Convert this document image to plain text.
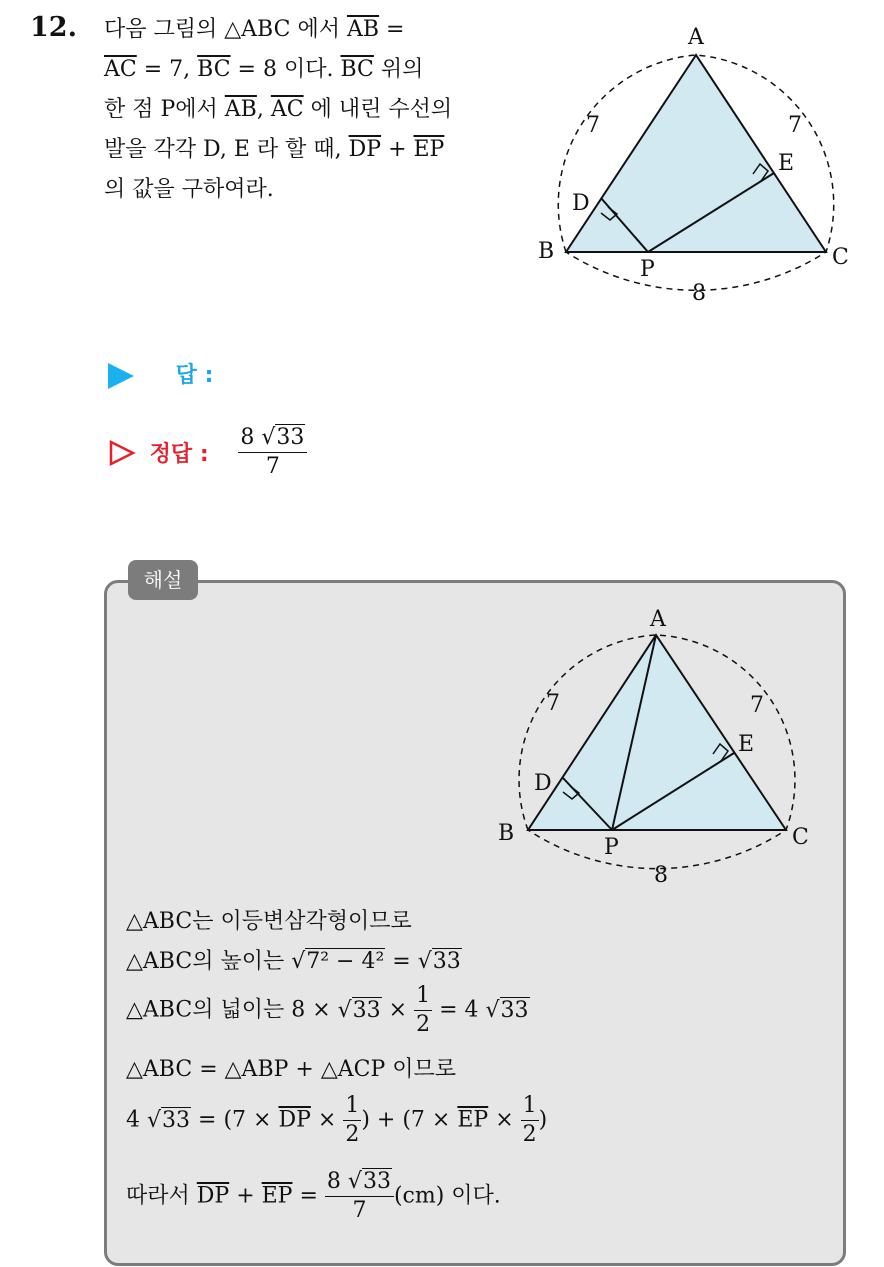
12. 다음 그림의 △ABC 에서 $\overline{AB}$ =
$\overline{AC} = 7$, $\overline{BC} = 8$ 이다. $\overline{BC}$ 위의
한 점 P에서 $\overline{AB}$, $\overline{AC}$ 에 내린 수선의
발을 각각 D, E 라 할 때, $\overline{DP} + \overline{EP}$
의 값을 구하여라.
A
B	C
D
E
P
7	7
8
답 :
정답 : $\frac{8 √33}{7}$
해설
A
B	C
D
E
P
7	7
8
△ABC는 이등변삼각형이므로
△ABC의 높이는 √7² − 4² = √33
△ABC의 넓이는 $8 \times √33 \times \frac{1}{2} = 4$ √33
△ABC = △ABP + △ACP 이므로
4 $√33 = (7 \times \overline{DP} \times \frac{1}{2}$ ) + ($7 \times \overline{EP} \times \frac{1}{2}$ )
따라서 $\overline{DP} + \overline{EP} = \frac{8 √33}{7} (cm)$ 이다.
